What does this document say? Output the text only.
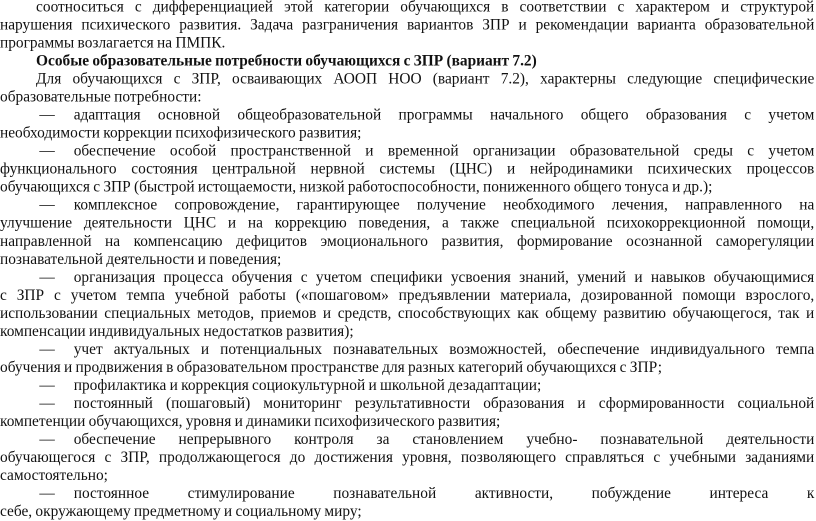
соотноситься с дифференциацией этой категории обучающихся в соответствии с характером и структурой
нарушения психического развития. Задача разграничения вариантов ЗПР и рекомендации варианта образовательной
программы возлагается на ПМПК.
Особые образовательные потребности обучающихся с ЗПР (вариант 7.2)
Для обучающихся с ЗПР, осваивающих АООП НОО (вариант 7.2), характерны следующие специфические
образовательные потребности:
—	адаптация основной общеобразовательной программы начального общего образования с учетом
необходимости коррекции психофизического развития;
—	обеспечение особой пространственной и временной организации образовательной среды с учетом
функционального состояния центральной нервной системы (ЦНС) и нейродинамики психических процессов
обучающихся с ЗПР (быстрой истощаемости, низкой работоспособности, пониженного общего тонуса и др.);
—	комплексное сопровождение, гарантирующее получение необходимого лечения, направленного на
улучшение деятельности ЦНС и на коррекцию поведения, а также специальной психокоррекционной помощи,
направленной на компенсацию дефицитов эмоционального развития, формирование осознанной саморегуляции
познавательной деятельности и поведения;
—	организация процесса обучения с учетом специфики усвоения знаний, умений и навыков обучающимися
с ЗПР с учетом темпа учебной работы («пошаговом» предъявлении материала, дозированной помощи взрослого,
использовании специальных методов, приемов и средств, способствующих как общему развитию обучающегося, так и
компенсации индивидуальных недостатков развития);
—	учет актуальных и потенциальных познавательных возможностей, обеспечение индивидуального темпа
обучения и продвижения в образовательном пространстве для разных категорий обучающихся с ЗПР;
—	профилактика и коррекция социокультурной и школьной дезадаптации;
—	постоянный (пошаговый) мониторинг результативности образования и сформированности социальной
компетенции обучающихся, уровня и динамики психофизического развития;
—	обеспечение непрерывного контроля за становлением учебно- познавательной деятельности
обучающегося с ЗПР, продолжающегося до достижения уровня, позволяющего справляться с учебными заданиями
самостоятельно;
—	постоянное стимулирование познавательной активности, побуждение интереса к
себе, окружающему предметному и социальному миру;
